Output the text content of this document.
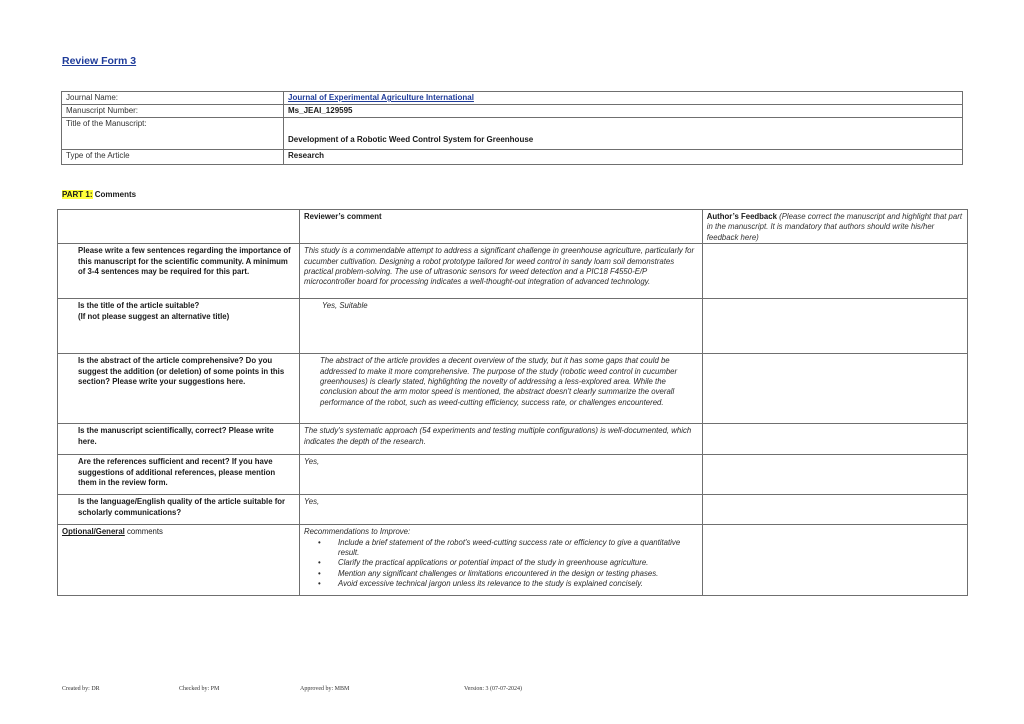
Review Form 3
Journal Name:	Journal of Experimental Agriculture International
Manuscript Number:	Ms_JEAI_129595
Title of the Manuscript:	Development of a Robotic Weed Control System for Greenhouse
Type of the Article	Research
PART 1: Comments
	Reviewer’s comment	Author’s Feedback (Please correct the manuscript and highlight that part in the manuscript. It is mandatory that authors should write his/her feedback here)
Please write a few sentences regarding the importance of this manuscript for the scientific community. A minimum of 3-4 sentences may be required for this part.	This study is a commendable attempt to address a significant challenge in greenhouse agriculture, particularly for cucumber cultivation. Designing a robot prototype tailored for weed control in sandy loam soil demonstrates practical problem-solving. The use of ultrasonic sensors for weed detection and a PIC18 F4550-E/P microcontroller board for processing indicates a well-thought-out integration of advanced technology.	
Is the title of the article suitable?
(If not please suggest an alternative title)	Yes, Suitable	
Is the abstract of the article comprehensive? Do you suggest the addition (or deletion) of some points in this section? Please write your suggestions here.	The abstract of the article provides a decent overview of the study, but it has some gaps that could be addressed to make it more comprehensive. The purpose of the study (robotic weed control in cucumber greenhouses) is clearly stated, highlighting the novelty of addressing a less-explored area. While the conclusion about the arm motor speed is mentioned, the abstract doesn't clearly summarize the overall performance of the robot, such as weed-cutting efficiency, success rate, or challenges encountered.	
Is the manuscript scientifically, correct? Please write here.	The study's systematic approach (54 experiments and testing multiple configurations) is well-documented, which indicates the depth of the research.	
Are the references sufficient and recent? If you have suggestions of additional references, please mention them in the review form.	Yes,	
Is the language/English quality of the article suitable for scholarly communications?	Yes,	
Optional/General comments	Recommendations to Improve:
• Include a brief statement of the robot's weed-cutting success rate or efficiency to give a quantitative result.
• Clarify the practical applications or potential impact of the study in greenhouse agriculture.
• Mention any significant challenges or limitations encountered in the design or testing phases.
• Avoid excessive technical jargon unless its relevance to the study is explained concisely.

Created by: DR	Checked by: PM	Approved by: MBM	Version: 3 (07-07-2024)
